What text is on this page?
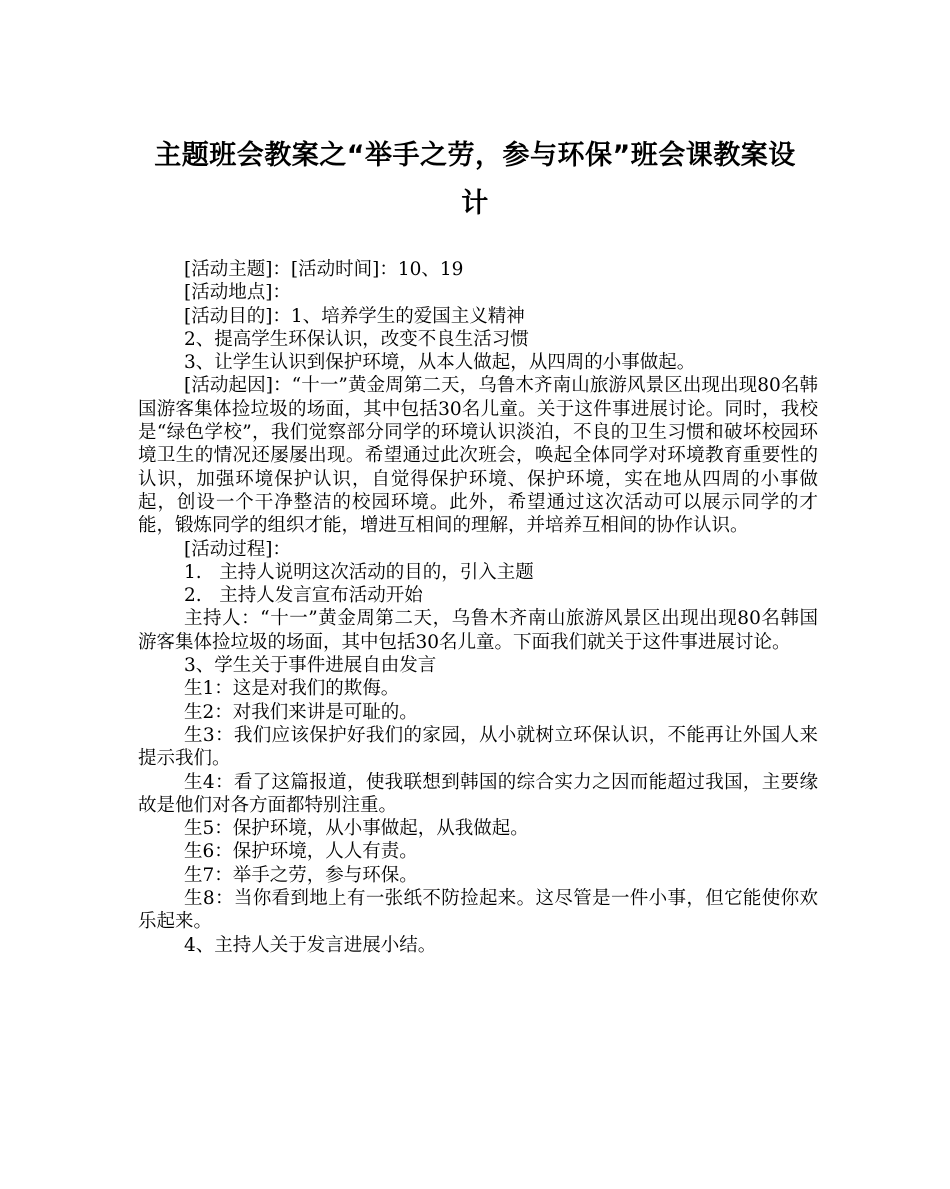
主题班会教案之“举手之劳，参与环保”班会课教案设
计

[活动主题]：[活动时间]：10、19

[活动地点]：

[活动目的]：1、培养学生的爱国主义精神

2、提高学生环保认识，改变不良生活习惯

3、让学生认识到保护环境，从本人做起，从四周的小事做起。

[活动起因]：“十一”黄金周第二天，乌鲁木齐南山旅游风景区出现出现80名韩国游客集体捡垃圾的场面，其中包括30名儿童。关于这件事进展讨论。同时，我校是“绿色学校”，我们觉察部分同学的环境认识淡泊，不良的卫生习惯和破坏校园环境卫生的情况还屡屡出现。希望通过此次班会，唤起全体同学对环境教育重要性的认识，加强环境保护认识，自觉得保护环境、保护环境，实在地从四周的小事做起，创设一个干净整洁的校园环境。此外，希望通过这次活动可以展示同学的才能，锻炼同学的组织才能，增进互相间的理解，并培养互相间的协作认识。

[活动过程]：

1.   主持人说明这次活动的目的，引入主题

2.   主持人发言宣布活动开始

主持人：“十一”黄金周第二天，乌鲁木齐南山旅游风景区出现出现80名韩国游客集体捡垃圾的场面，其中包括30名儿童。下面我们就关于这件事进展讨论。

3、学生关于事件进展自由发言

生1：这是对我们的欺侮。

生2：对我们来讲是可耻的。

生3：我们应该保护好我们的家园，从小就树立环保认识，不能再让外国人来提示我们。

生4：看了这篇报道，使我联想到韩国的综合实力之因而能超过我国，主要缘故是他们对各方面都特别注重。

生5：保护环境，从小事做起，从我做起。

生6：保护环境，人人有责。

生7：举手之劳，参与环保。

生8：当你看到地上有一张纸不防捡起来。这尽管是一件小事，但它能使你欢乐起来。

4、主持人关于发言进展小结。
